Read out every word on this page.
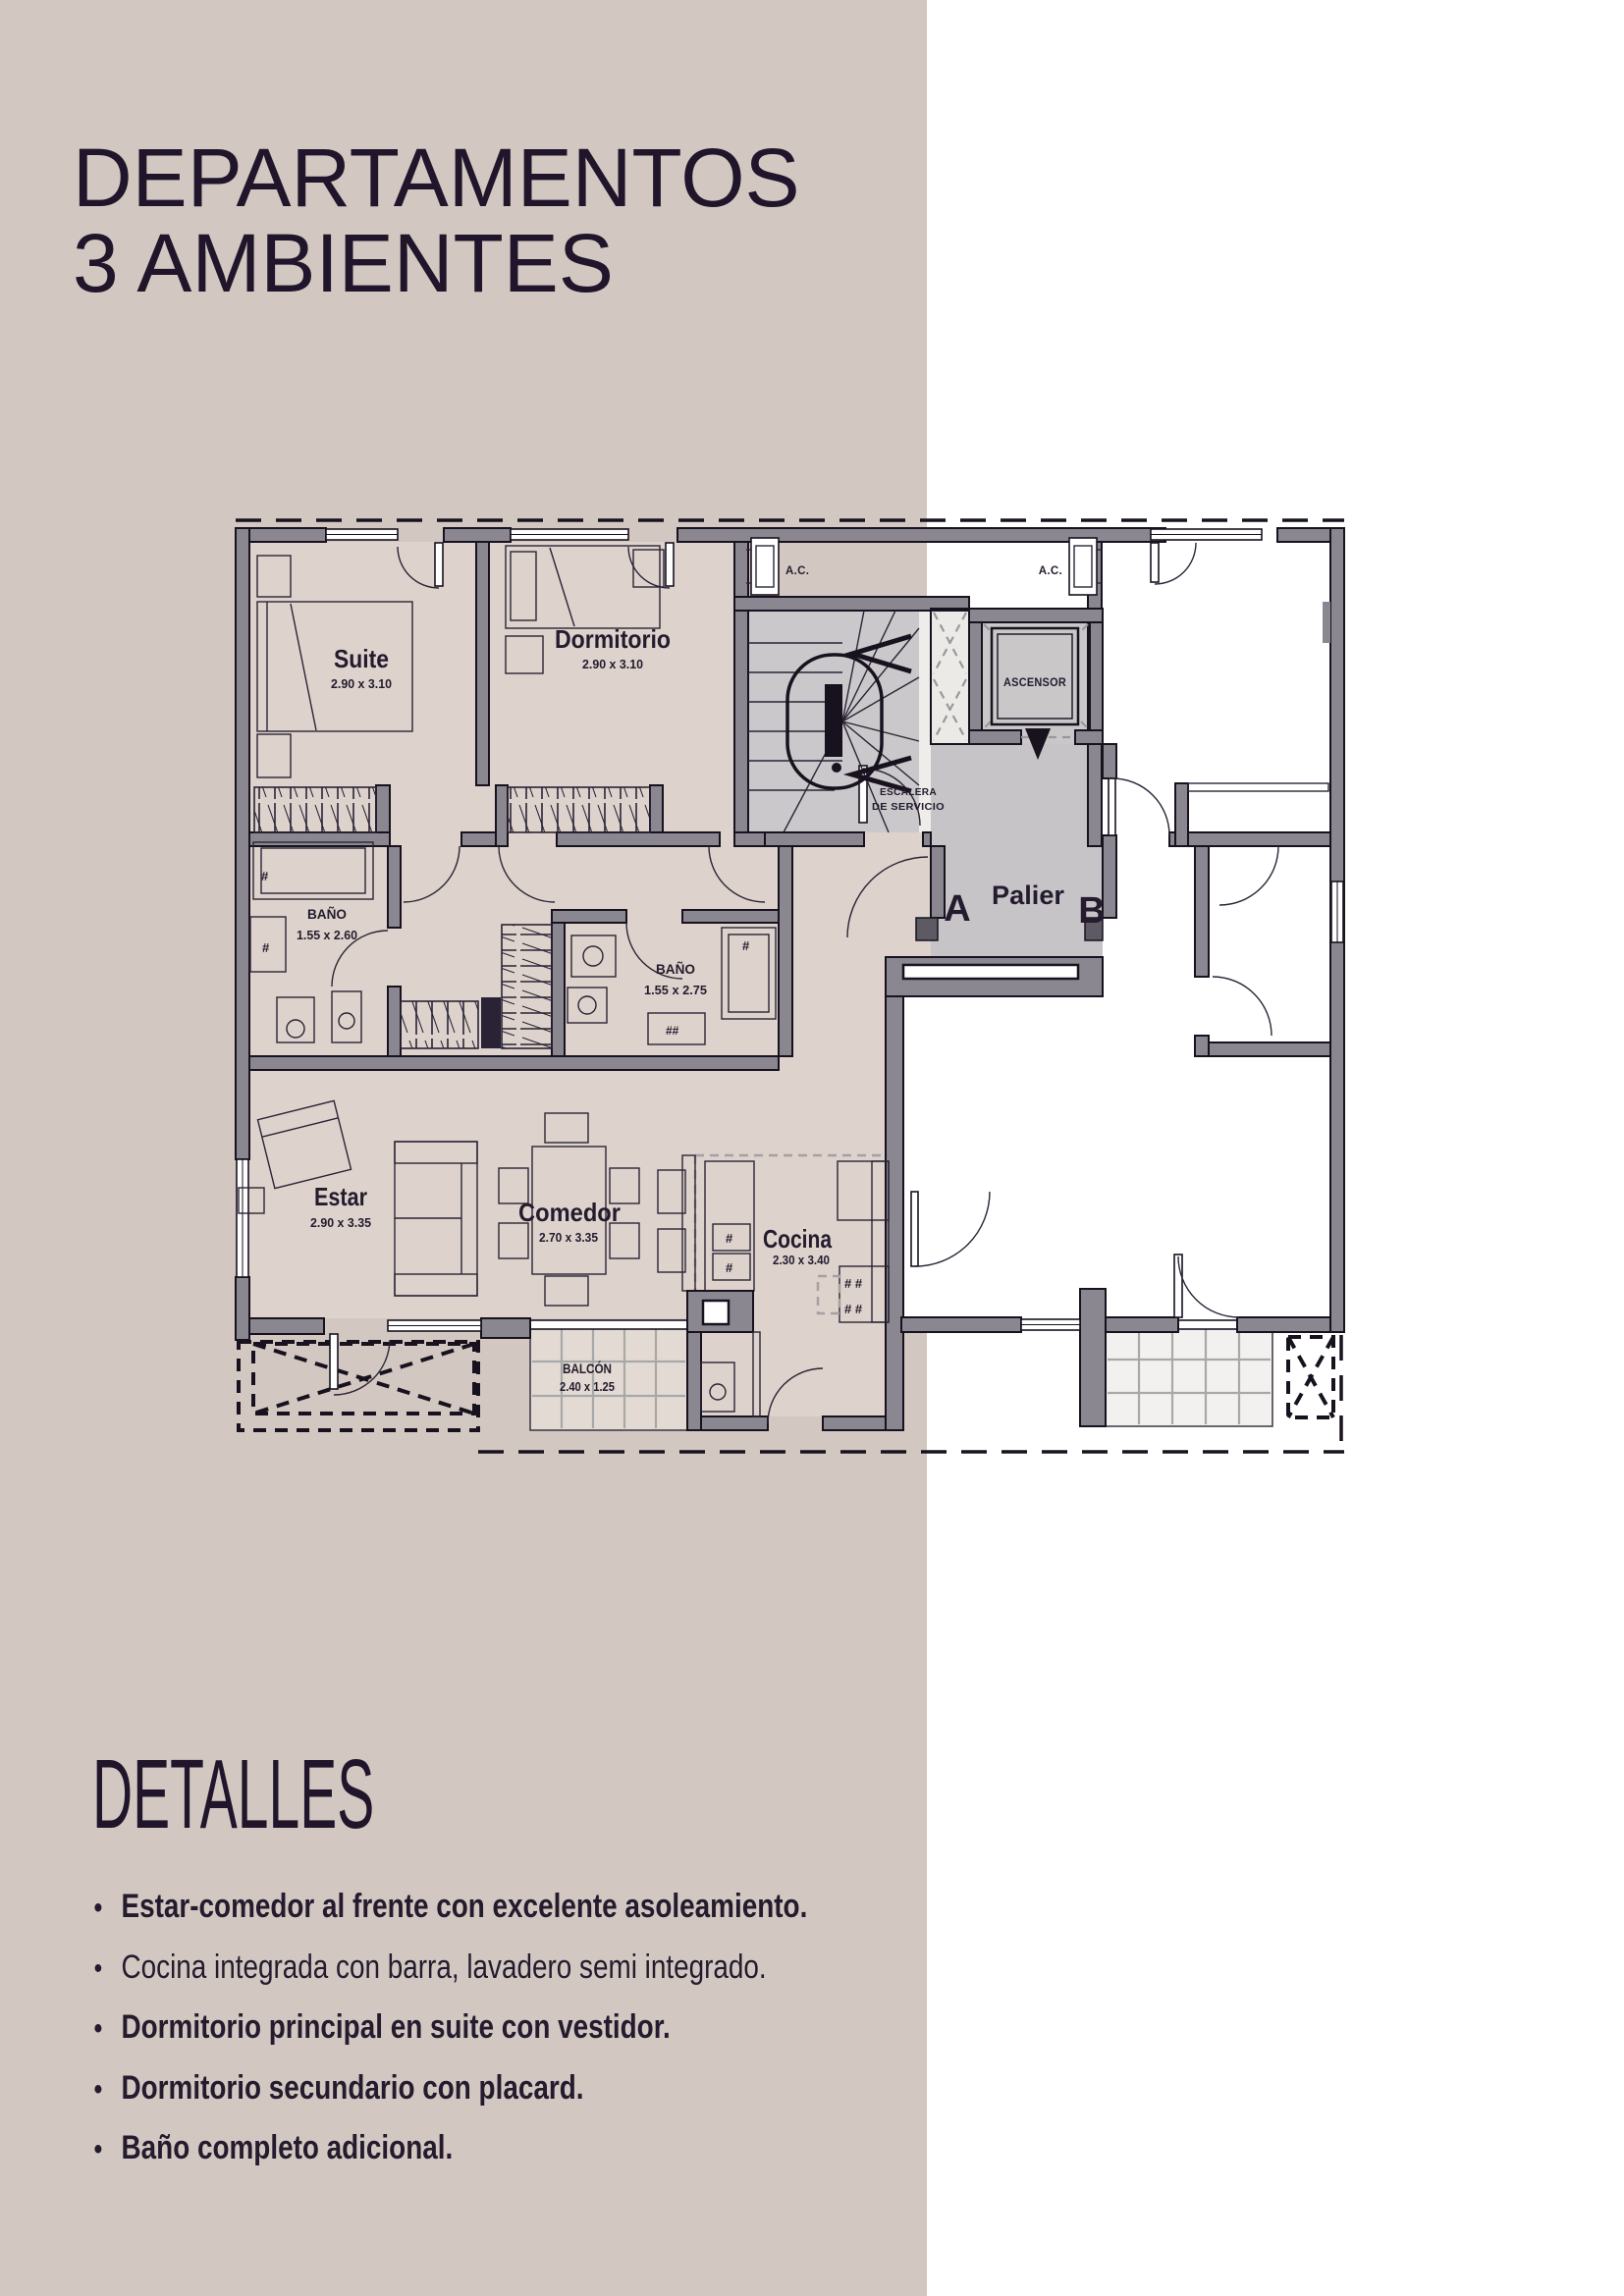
DEPARTAMENTOS
3 AMBIENTES
#
#	#
##
#
#
# #
# #
Suite
2.90 x 3.10
Dormitorio
2.90 x 3.10
BAÑO
1.55 x 2.60
BAÑO
1.55 x 2.75
Estar
2.90 x 3.35	Comedor
2.70 x 3.35	Cocina
2.30 x 3.40
BALCÓN
2.40 x 1.25
Palier
A	B
ASCENSOR
ESCALERA
DE SERVICIO
A.C.	A.C.
DETALLES
• Estar-comedor al frente con excelente asoleamiento.
• Cocina integrada con barra, lavadero semi integrado.
• Dormitorio principal en suite con vestidor.
• Dormitorio secundario con placard.
• Baño completo adicional.
